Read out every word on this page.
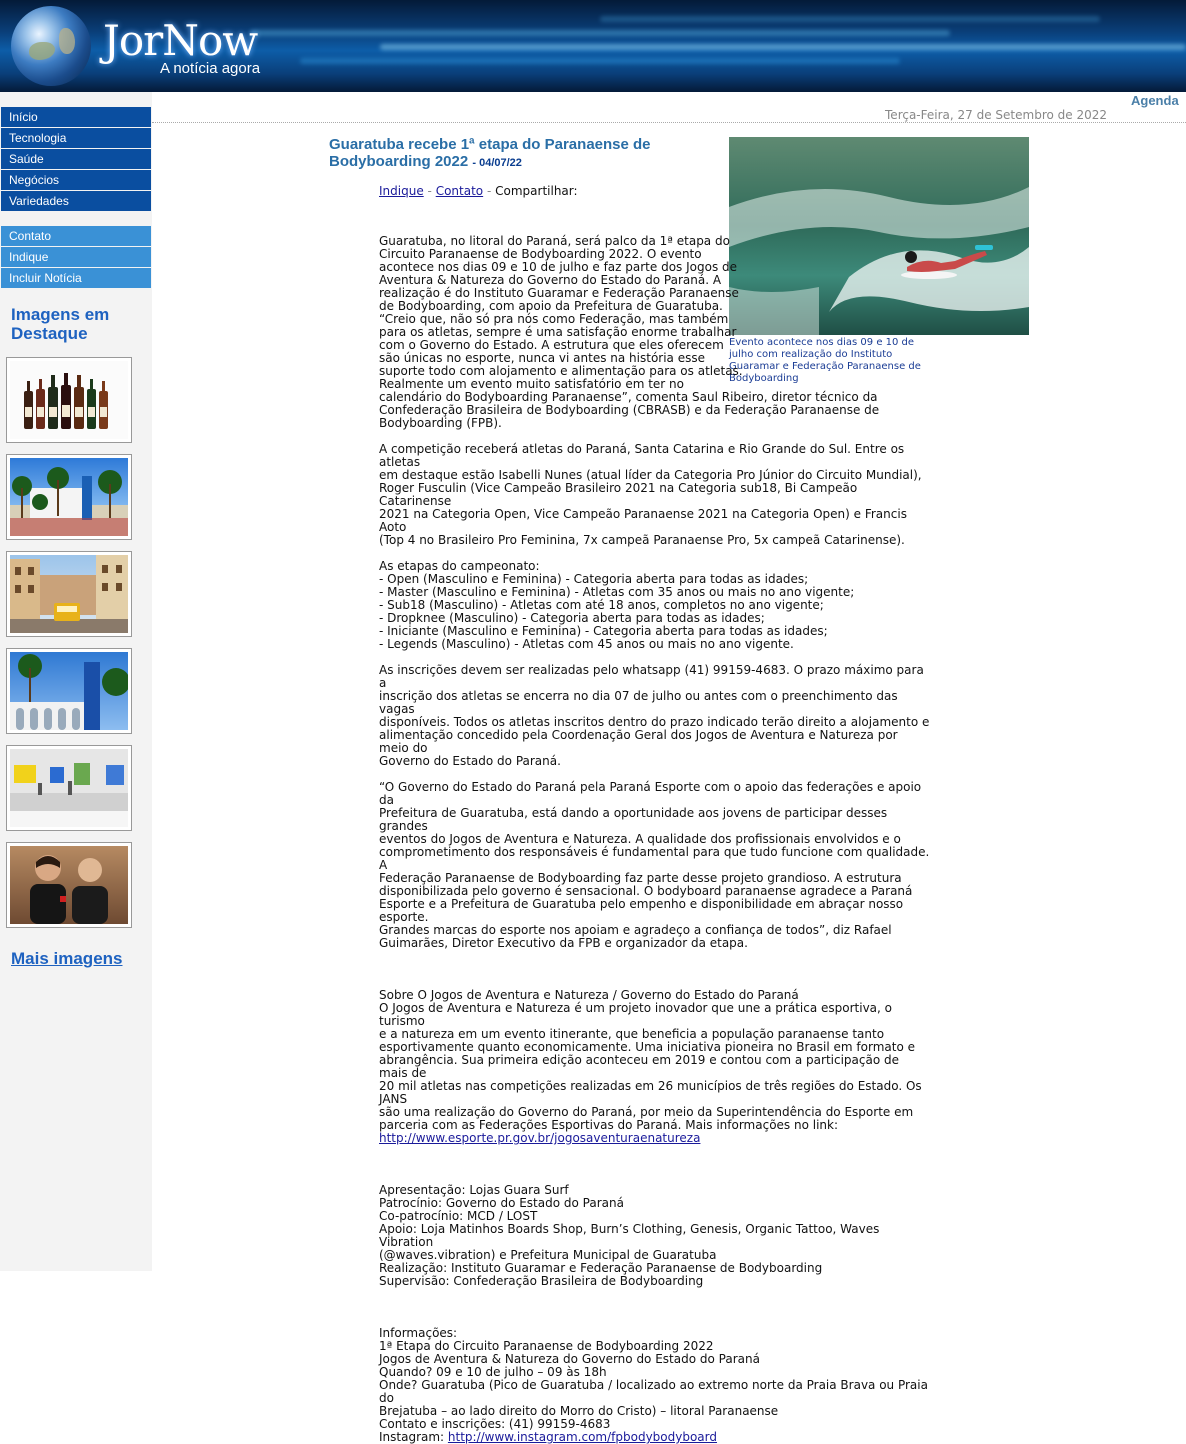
JorNow
A notícia agora
Início
Tecnologia
Saúde
Negócios
Variedades
Contato
Indique
Incluir Notícia
Imagens em Destaque
Mais imagens
Agenda
Terça-Feira, 27 de Setembro de 2022
Guaratuba recebe 1ª etapa do Paranaense de Bodyboarding 2022 - 04/07/22
Evento acontece nos dias 09 e 10 de julho com realização do Instituto Guaramar e Federação Paranaense de Bodyboarding
Indique - Contato - Compartilhar:

Guaratuba, no litoral do Paraná, será palco da 1ª etapa do
Circuito Paranaense de Bodyboarding 2022. O evento
acontece nos dias 09 e 10 de julho e faz parte dos Jogos de
Aventura & Natureza do Governo do Estado do Paraná. A
realização é do Instituto Guaramar e Federação Paranaense
de Bodyboarding, com apoio da Prefeitura de Guaratuba.
“Creio que, não só pra nós como Federação, mas também
para os atletas, sempre é uma satisfação enorme trabalhar
com o Governo do Estado. A estrutura que eles oferecem
são únicas no esporte, nunca vi antes na história esse
suporte todo com alojamento e alimentação para os atletas.
Realmente um evento muito satisfatório em ter no
calendário do Bodyboarding Paranaense”, comenta Saul Ribeiro, diretor técnico da
Confederação Brasileira de Bodyboarding (CBRASB) e da Federação Paranaense de
Bodyboarding (FPB).

A competição receberá atletas do Paraná, Santa Catarina e Rio Grande do Sul. Entre os atletas
em destaque estão Isabelli Nunes (atual líder da Categoria Pro Júnior do Circuito Mundial),
Roger Fusculin (Vice Campeão Brasileiro 2021 na Categoria sub18, Bi Campeão Catarinense
2021 na Categoria Open, Vice Campeão Paranaense 2021 na Categoria Open) e Francis Aoto
(Top 4 no Brasileiro Pro Feminina, 7x campeã Paranaense Pro, 5x campeã Catarinense).

As etapas do campeonato:
- Open (Masculino e Feminina) - Categoria aberta para todas as idades;
- Master (Masculino e Feminina) - Atletas com 35 anos ou mais no ano vigente;
- Sub18 (Masculino) - Atletas com até 18 anos, completos no ano vigente;
- Dropknee (Masculino) - Categoria aberta para todas as idades;
- Iniciante (Masculino e Feminina) - Categoria aberta para todas as idades;
- Legends (Masculino) - Atletas com 45 anos ou mais no ano vigente.

As inscrições devem ser realizadas pelo whatsapp (41) 99159-4683. O prazo máximo para a
inscrição dos atletas se encerra no dia 07 de julho ou antes com o preenchimento das vagas
disponíveis. Todos os atletas inscritos dentro do prazo indicado terão direito a alojamento e
alimentação concedido pela Coordenação Geral dos Jogos de Aventura e Natureza por meio do
Governo do Estado do Paraná.

“O Governo do Estado do Paraná pela Paraná Esporte com o apoio das federações e apoio da
Prefeitura de Guaratuba, está dando a oportunidade aos jovens de participar desses grandes
eventos do Jogos de Aventura e Natureza. A qualidade dos profissionais envolvidos e o
comprometimento dos responsáveis é fundamental para que tudo funcione com qualidade. A
Federação Paranaense de Bodyboarding faz parte desse projeto grandioso. A estrutura
disponibilizada pelo governo é sensacional. O bodyboard paranaense agradece a Paraná
Esporte e a Prefeitura de Guaratuba pelo empenho e disponibilidade em abraçar nosso esporte.
Grandes marcas do esporte nos apoiam e agradeço a confiança de todos”, diz Rafael
Guimarães, Diretor Executivo da FPB e organizador da etapa.

Sobre O Jogos de Aventura e Natureza / Governo do Estado do Paraná
O Jogos de Aventura e Natureza é um projeto inovador que une a prática esportiva, o turismo
e a natureza em um evento itinerante, que beneficia a população paranaense tanto
esportivamente quanto economicamente. Uma iniciativa pioneira no Brasil em formato e
abrangência. Sua primeira edição aconteceu em 2019 e contou com a participação de mais de
20 mil atletas nas competições realizadas em 26 municípios de três regiões do Estado. Os JANS
são uma realização do Governo do Paraná, por meio da Superintendência do Esporte em
parceria com as Federações Esportivas do Paraná. Mais informações no link:

http://www.esporte.pr.gov.br/jogosaventuraenatureza

Apresentação: Lojas Guara Surf
Patrocínio: Governo do Estado do Paraná
Co-patrocínio: MCD / LOST
Apoio: Loja Matinhos Boards Shop, Burn’s Clothing, Genesis, Organic Tattoo, Waves Vibration
(@waves.vibration) e Prefeitura Municipal de Guaratuba
Realização: Instituto Guaramar e Federação Paranaense de Bodyboarding
Supervisão: Confederação Brasileira de Bodyboarding

Informações:
1ª Etapa do Circuito Paranaense de Bodyboarding 2022
Jogos de Aventura & Natureza do Governo do Estado do Paraná
Quando? 09 e 10 de julho – 09 às 18h
Onde? Guaratuba (Pico de Guaratuba / localizado ao extremo norte da Praia Brava ou Praia do
Brejatuba – ao lado direito do Morro do Cristo) – litoral Paranaense
Contato e inscrições: (41) 99159-4683

Instagram: http://www.instagram.com/fpbodybodyboard
